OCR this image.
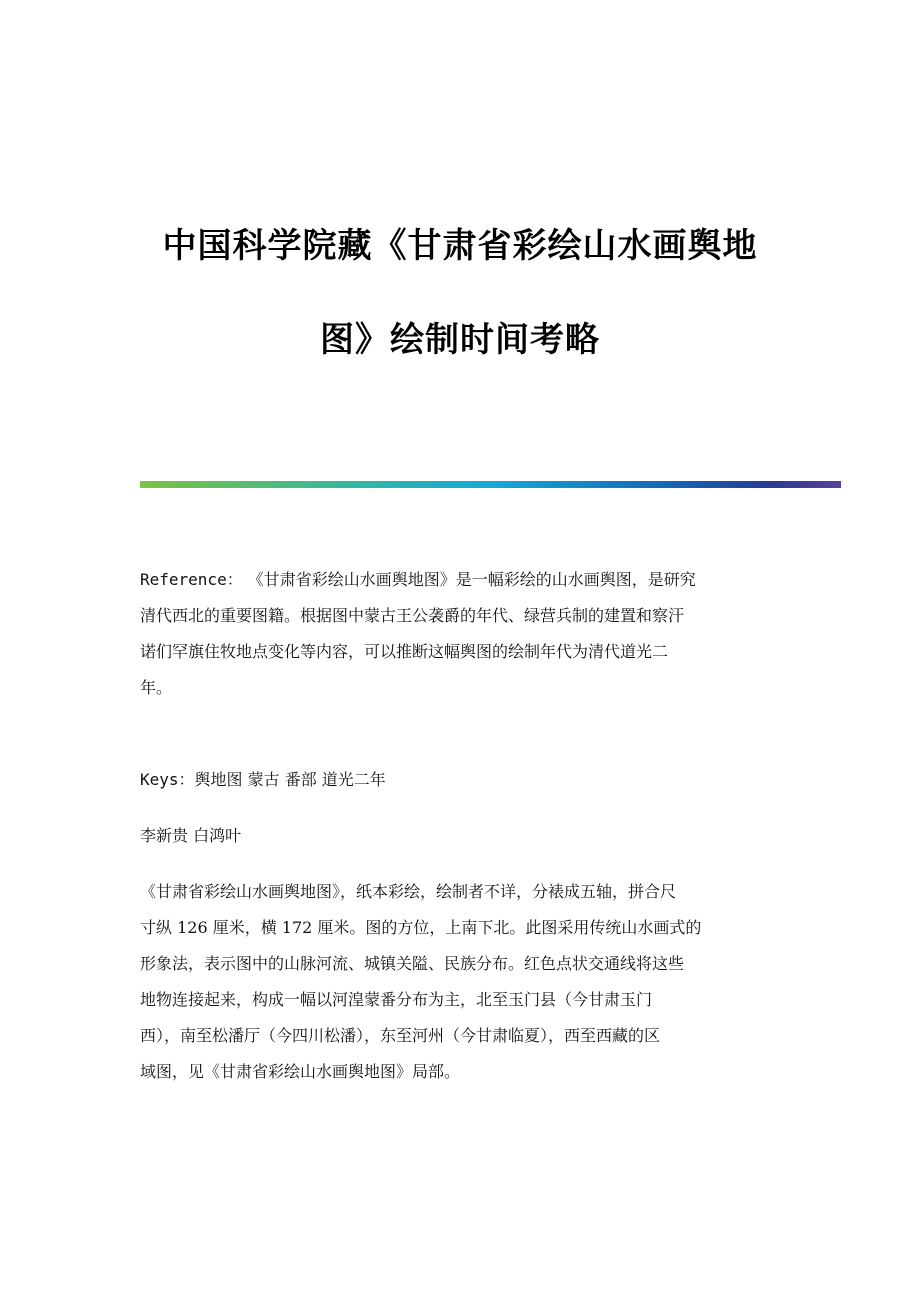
中国科学院藏《甘肃省彩绘山水画舆地
图》绘制时间考略

Reference： 《甘肃省彩绘山水画舆地图》是一幅彩绘的山水画舆图，是研究
清代西北的重要图籍。根据图中蒙古王公袭爵的年代、绿营兵制的建置和察汗
诺们罕旗住牧地点变化等内容，可以推断这幅舆图的绘制年代为清代道光二
年。

Keys：舆地图 蒙古 番部 道光二年

李新贵 白鸿叶

《甘肃省彩绘山水画舆地图》，纸本彩绘，绘制者不详，分裱成五轴，拼合尺
寸纵 126 厘米，横 172 厘米。图的方位，上南下北。此图采用传统山水画式的
形象法，表示图中的山脉河流、城镇关隘、民族分布。红色点状交通线将这些
地物连接起来，构成一幅以河湟蒙番分布为主，北至玉门县（今甘肃玉门
西），南至松潘厅（今四川松潘），东至河州（今甘肃临夏），西至西藏的区
域图，见《甘肃省彩绘山水画舆地图》局部。
